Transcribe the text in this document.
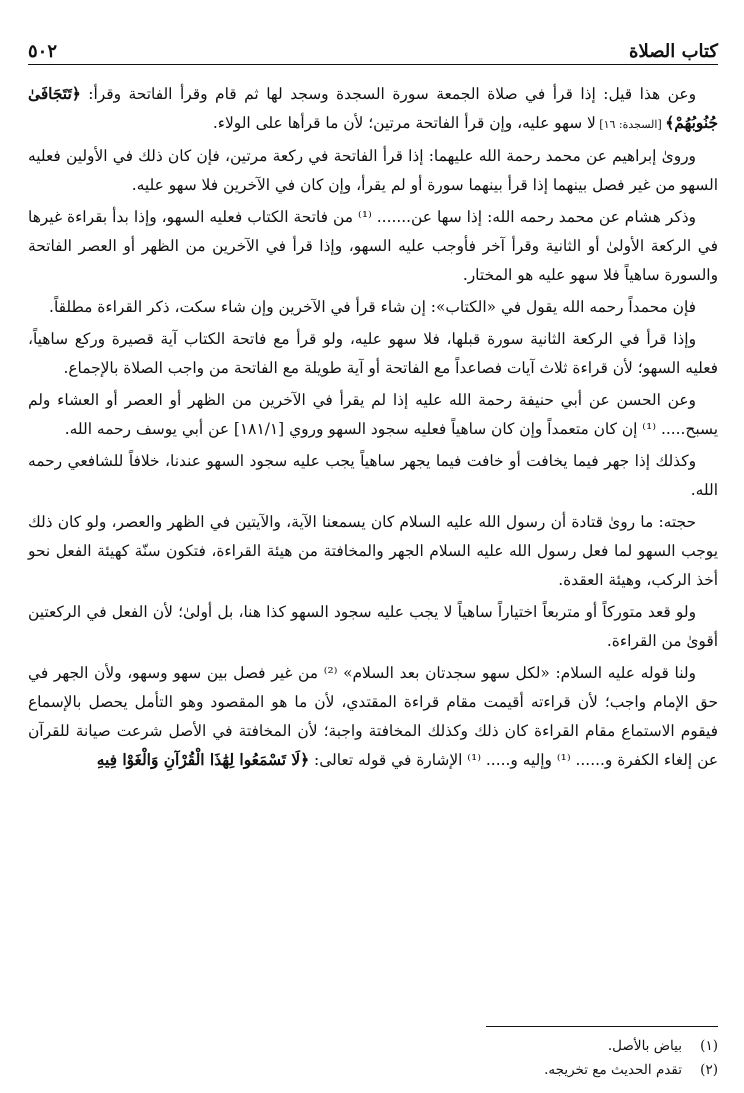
كتاب الصلاة
٥٠٢

وعن هذا قيل: إذا قرأ في صلاة الجمعة سورة السجدة وسجد لها ثم قام وقرأ الفاتحة وقرأ: ﴿تَتَجَافَىٰ جُنُوبُهُمْ﴾ [السجدة: ١٦] لا سهو عليه، وإن قرأ الفاتحة مرتين؛ لأن ما قرأها على الولاء.

وروىٰ إبراهيم عن محمد رحمة الله عليهما: إذا قرأ الفاتحة في ركعة مرتين، فإن كان ذلك في الأولين فعليه السهو من غير فصل بينهما إذا قرأ بينهما سورة أو لم يقرأ، وإن كان في الآخرين فلا سهو عليه.

وذكر هشام عن محمد رحمه الله: إذا سها عن....... ⁽¹⁾ من فاتحة الكتاب فعليه السهو، وإذا بدأ بقراءة غيرها في الركعة الأولىٰ أو الثانية وقرأ آخر فأوجب عليه السهو، وإذا قرأ في الآخرين من الظهر أو العصر الفاتحة والسورة ساهياً فلا سهو عليه هو المختار.

فإن محمداً رحمه الله يقول في «الكتاب»: إن شاء قرأ في الآخرين وإن شاء سكت، ذكر القراءة مطلقاً.

وإذا قرأ في الركعة الثانية سورة قبلها، فلا سهو عليه، ولو قرأ مع فاتحة الكتاب آية قصيرة وركع ساهياً، فعليه السهو؛ لأن قراءة ثلاث آيات فصاعداً مع الفاتحة أو آية طويلة مع الفاتحة من واجب الصلاة بالإجماع.

وعن الحسن عن أبي حنيفة رحمة الله عليه إذا لم يقرأ في الآخرين من الظهر أو العصر أو العشاء ولم يسبح..... ⁽¹⁾ إن كان متعمداً وإن كان ساهياً فعليه سجود السهو وروي [١٨١/١] عن أبي يوسف رحمه الله.

وكذلك إذا جهر فيما يخافت أو خافت فيما يجهر ساهياً يجب عليه سجود السهو عندنا، خلافاً للشافعي رحمه الله.

حجته: ما روىٰ قتادة أن رسول الله عليه السلام كان يسمعنا الآية، والآيتين في الظهر والعصر، ولو كان ذلك يوجب السهو لما فعل رسول الله عليه السلام الجهر والمخافتة من هيئة القراءة، فتكون سنّة كهيئة الفعل نحو أخذ الركب، وهيئة العقدة.

ولو قعد متوركاً أو متربعاً اختياراً ساهياً لا يجب عليه سجود السهو كذا هنا، بل أولىٰ؛ لأن الفعل في الركعتين أقوىٰ من القراءة.

ولنا قوله عليه السلام: «لكل سهو سجدتان بعد السلام» ⁽²⁾ من غير فصل بين سهو وسهو، ولأن الجهر في حق الإمام واجب؛ لأن قراءته أقيمت مقام قراءة المقتدي، لأن ما هو المقصود وهو التأمل يحصل بالإسماع فيقوم الاستماع مقام القراءة كان ذلك وكذلك المخافتة واجبة؛ لأن المخافتة في الأصل شرعت صيانة للقرآن عن إلغاء الكفرة و...... ⁽¹⁾ وإليه و..... ⁽¹⁾ الإشارة في قوله تعالى: ﴿لَا تَسْمَعُوا لِهَٰذَا الْقُرْآنِ وَالْغَوْا فِيهِ

(١)
بياض بالأصل.
(٢)
تقدم الحديث مع تخريجه.
